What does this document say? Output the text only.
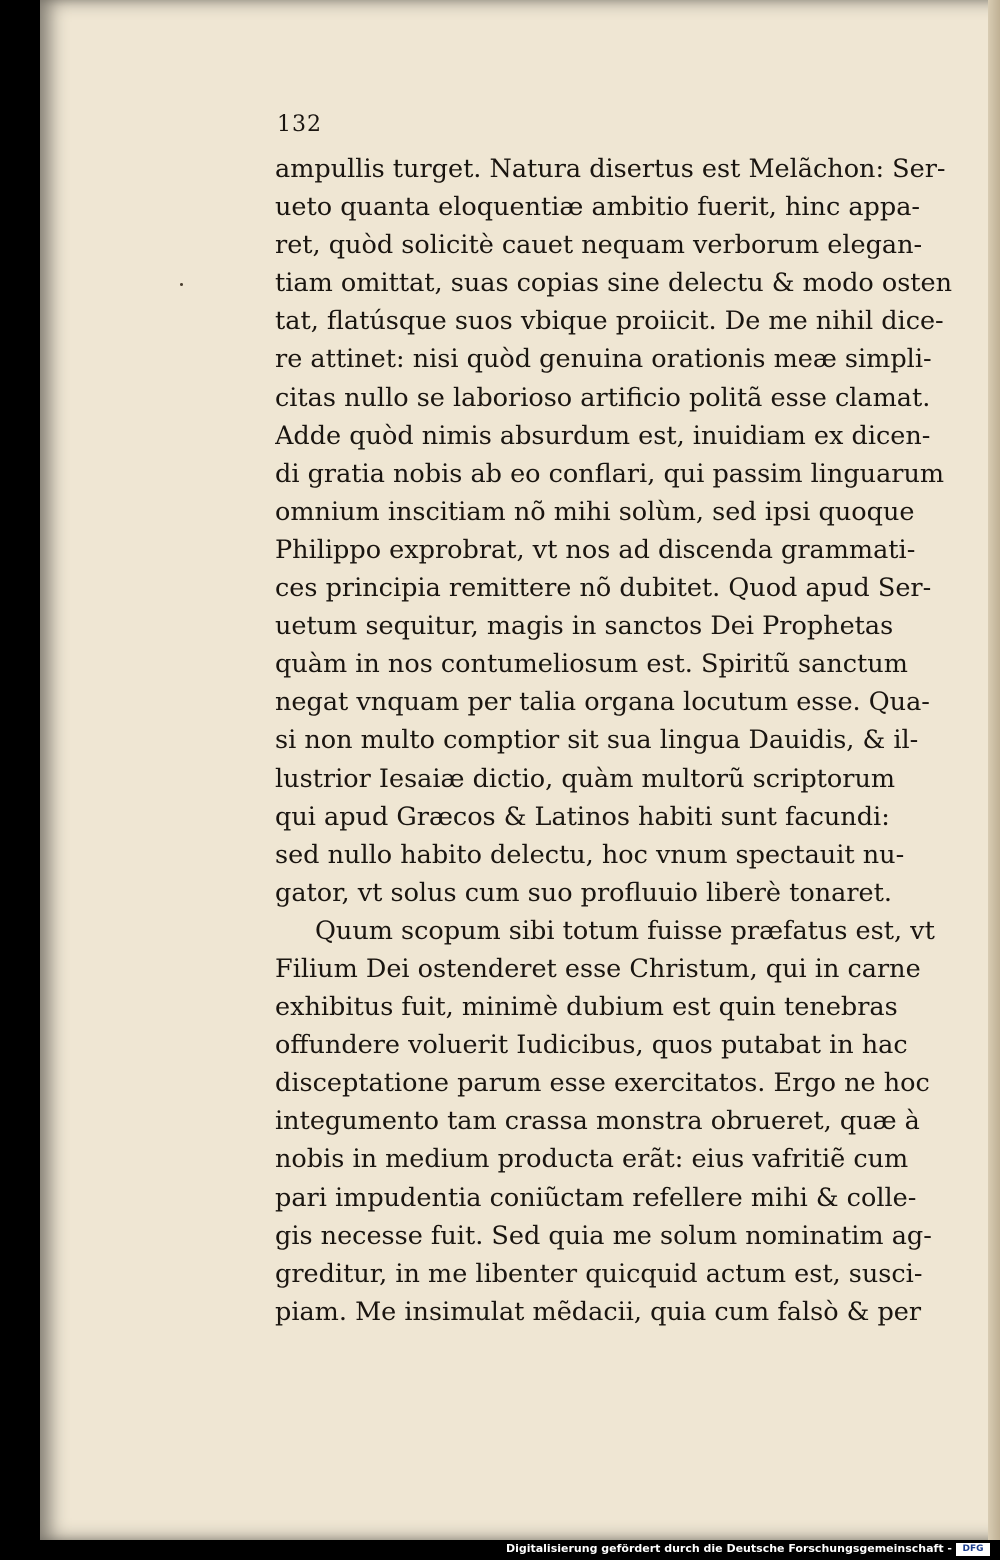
132
ampullis turget. Natura disertus est Melãchon: Ser-
ueto quanta eloquentiæ ambitio fuerit, hinc appa-
ret, quòd solicitè cauet nequam verborum elegan-
tiam omittat, suas copias sine delectu & modo osten
tat, flatúsque suos vbique proiicit. De me nihil dice-
re attinet: nisi quòd genuina orationis meæ simpli-
citas nullo se laborioso artificio politã esse clamat.
Adde quòd nimis absurdum est, inuidiam ex dicen-
di gratia nobis ab eo conflari, qui passim linguarum
omnium inscitiam nõ mihi solùm, sed ipsi quoque
Philippo exprobrat, vt nos ad discenda grammati-
ces principia remittere nõ dubitet. Quod apud Ser-
uetum sequitur, magis in sanctos Dei Prophetas
quàm in nos contumeliosum est. Spiritũ sanctum
negat vnquam per talia organa locutum esse. Qua-
si non multo comptior sit sua lingua Dauidis, & il-
lustrior Iesaiæ dictio, quàm multorũ scriptorum
qui apud Græcos & Latinos habiti sunt facundi:
sed nullo habito delectu, hoc vnum spectauit nu-
gator, vt solus cum suo profluuio liberè tonaret.
Quum scopum sibi totum fuisse præfatus est, vt
Filium Dei ostenderet esse Christum, qui in carne
exhibitus fuit, minimè dubium est quin tenebras
offundere voluerit Iudicibus, quos putabat in hac
disceptatione parum esse exercitatos. Ergo ne hoc
integumento tam crassa monstra obrueret, quæ à
nobis in medium producta erãt: eius vafritiẽ cum
pari impudentia coniũctam refellere mihi & colle-
gis necesse fuit. Sed quia me solum nominatim ag-
greditur, in me libenter quicquid actum est, susci-
piam. Me insimulat mẽdacii, quia cum falsò & per
Digitalisierung gefördert durch die Deutsche Forschungsgemeinschaft -	DFG
